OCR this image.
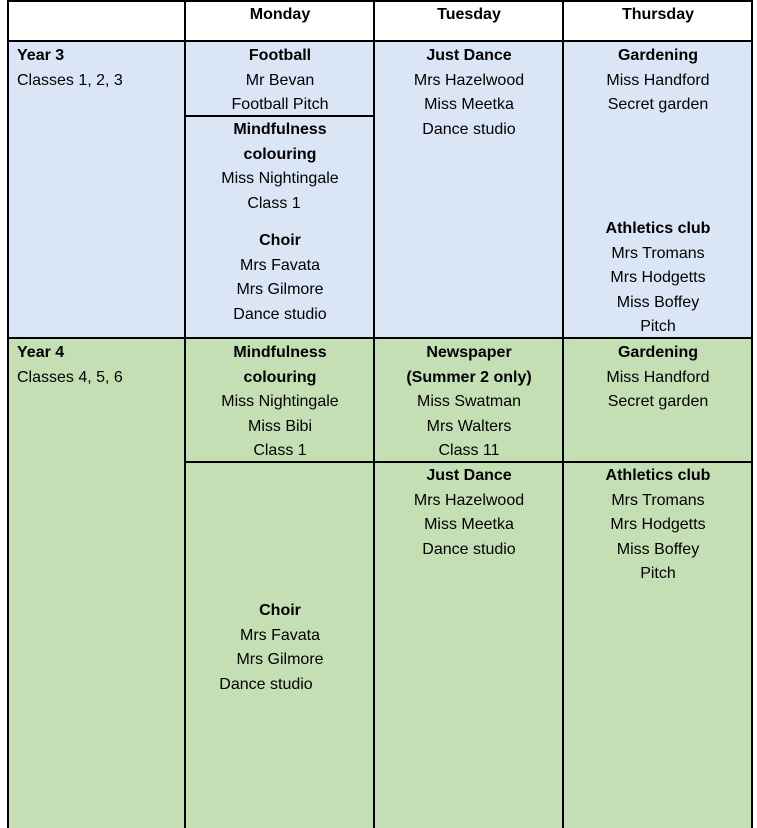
Monday	Tuesday	Thursday
Year 3
Classes 1, 2, 3
Football
Mr Bevan
Football Pitch
Mindfulness
colouring
Miss Nightingale
Class 1
Choir
Mrs Favata
Mrs Gilmore
Dance studio
Just Dance
Mrs Hazelwood
Miss Meetka
Dance studio
Gardening
Miss Handford
Secret garden
Athletics club
Mrs Tromans
Mrs Hodgetts
Miss Boffey
Pitch
Year 4
Classes 4, 5, 6
Mindfulness
colouring
Miss Nightingale
Miss Bibi
Class 1
Choir
Mrs Favata
Mrs Gilmore
Dance studio
Newspaper
(Summer 2 only)
Miss Swatman
Mrs Walters
Class 11
Just Dance
Mrs Hazelwood
Miss Meetka
Dance studio
Gardening
Miss Handford
Secret garden
Athletics club
Mrs Tromans
Mrs Hodgetts
Miss Boffey
Pitch
